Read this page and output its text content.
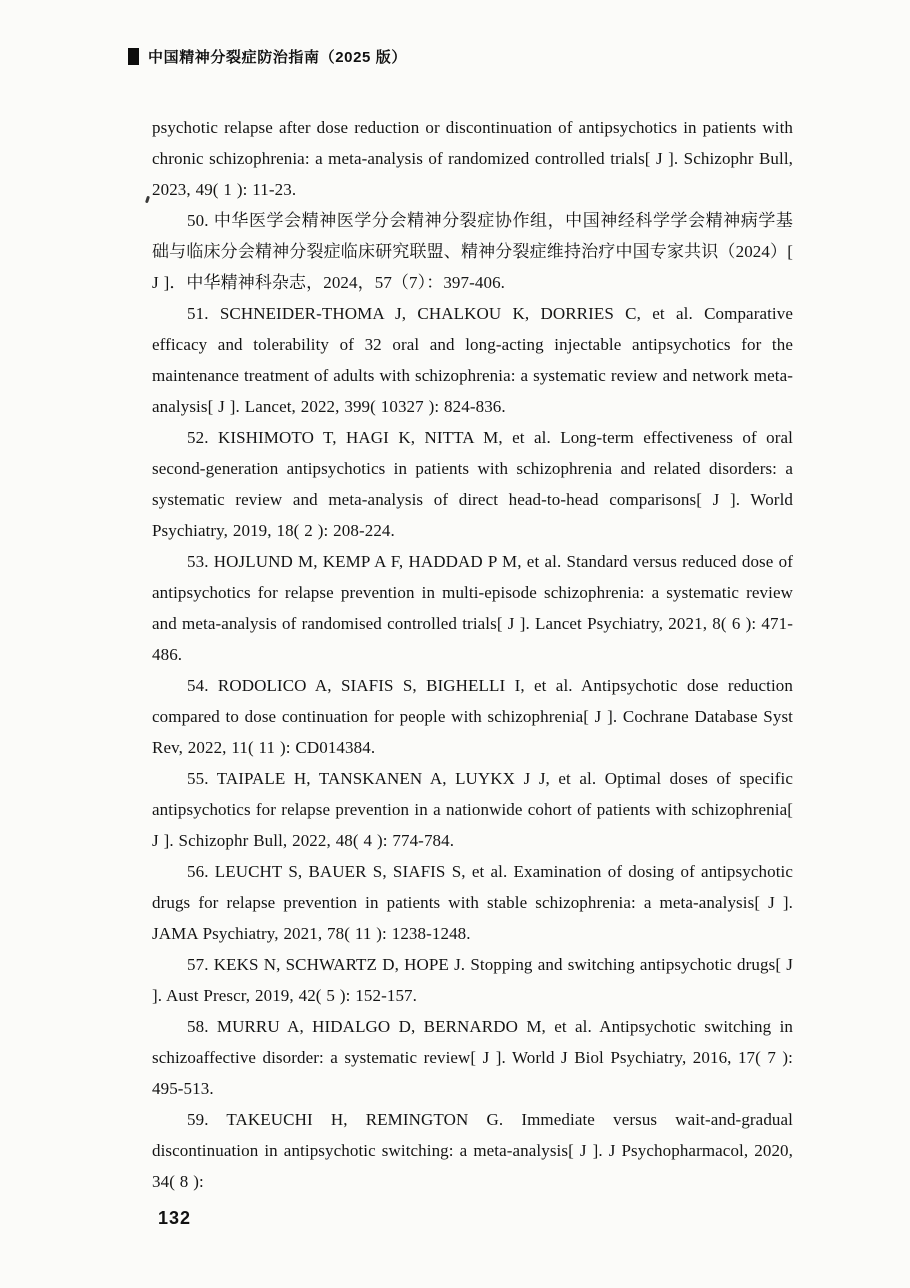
中国精神分裂症防治指南（2025 版）

psychotic relapse after dose reduction or discontinuation of antipsychotics in patients with chronic schizophrenia: a meta-analysis of randomized controlled trials[ J ]. Schizophr Bull, 2023, 49( 1 ): 11-23.

50. 中华医学会精神医学分会精神分裂症协作组，中国神经科学学会精神病学基础与临床分会精神分裂症临床研究联盟、精神分裂症维持治疗中国专家共识（2024）[ J ]．中华精神科杂志，2024，57（7）：397-406.

51. SCHNEIDER-THOMA J, CHALKOU K, DORRIES C, et al. Comparative efficacy and tolerability of 32 oral and long-acting injectable antipsychotics for the maintenance treatment of adults with schizophrenia: a systematic review and network meta-analysis[ J ]. Lancet, 2022, 399( 10327 ): 824-836.

52. KISHIMOTO T, HAGI K, NITTA M, et al. Long-term effectiveness of oral second-generation antipsychotics in patients with schizophrenia and related disorders: a systematic review and meta-analysis of direct head-to-head comparisons[ J ]. World Psychiatry, 2019, 18( 2 ): 208-224.

53. HOJLUND M, KEMP A F, HADDAD P M, et al. Standard versus reduced dose of antipsychotics for relapse prevention in multi-episode schizophrenia: a systematic review and meta-analysis of randomised controlled trials[ J ]. Lancet Psychiatry, 2021, 8( 6 ): 471-486.

54. RODOLICO A, SIAFIS S, BIGHELLI I, et al. Antipsychotic dose reduction compared to dose continuation for people with schizophrenia[ J ]. Cochrane Database Syst Rev, 2022, 11( 11 ): CD014384.

55. TAIPALE H, TANSKANEN A, LUYKX J J, et al. Optimal doses of specific antipsychotics for relapse prevention in a nationwide cohort of patients with schizophrenia[ J ]. Schizophr Bull, 2022, 48( 4 ): 774-784.

56. LEUCHT S, BAUER S, SIAFIS S, et al. Examination of dosing of antipsychotic drugs for relapse prevention in patients with stable schizophrenia: a meta-analysis[ J ]. JAMA Psychiatry, 2021, 78( 11 ): 1238-1248.

57. KEKS N, SCHWARTZ D, HOPE J. Stopping and switching antipsychotic drugs[ J ]. Aust Prescr, 2019, 42( 5 ): 152-157.

58. MURRU A, HIDALGO D, BERNARDO M, et al. Antipsychotic switching in schizoaffective disorder: a systematic review[ J ]. World J Biol Psychiatry, 2016, 17( 7 ): 495-513.

59. TAKEUCHI H, REMINGTON G. Immediate versus wait-and-gradual discontinuation in antipsychotic switching: a meta-analysis[ J ]. J Psychopharmacol, 2020, 34( 8 ):

132
